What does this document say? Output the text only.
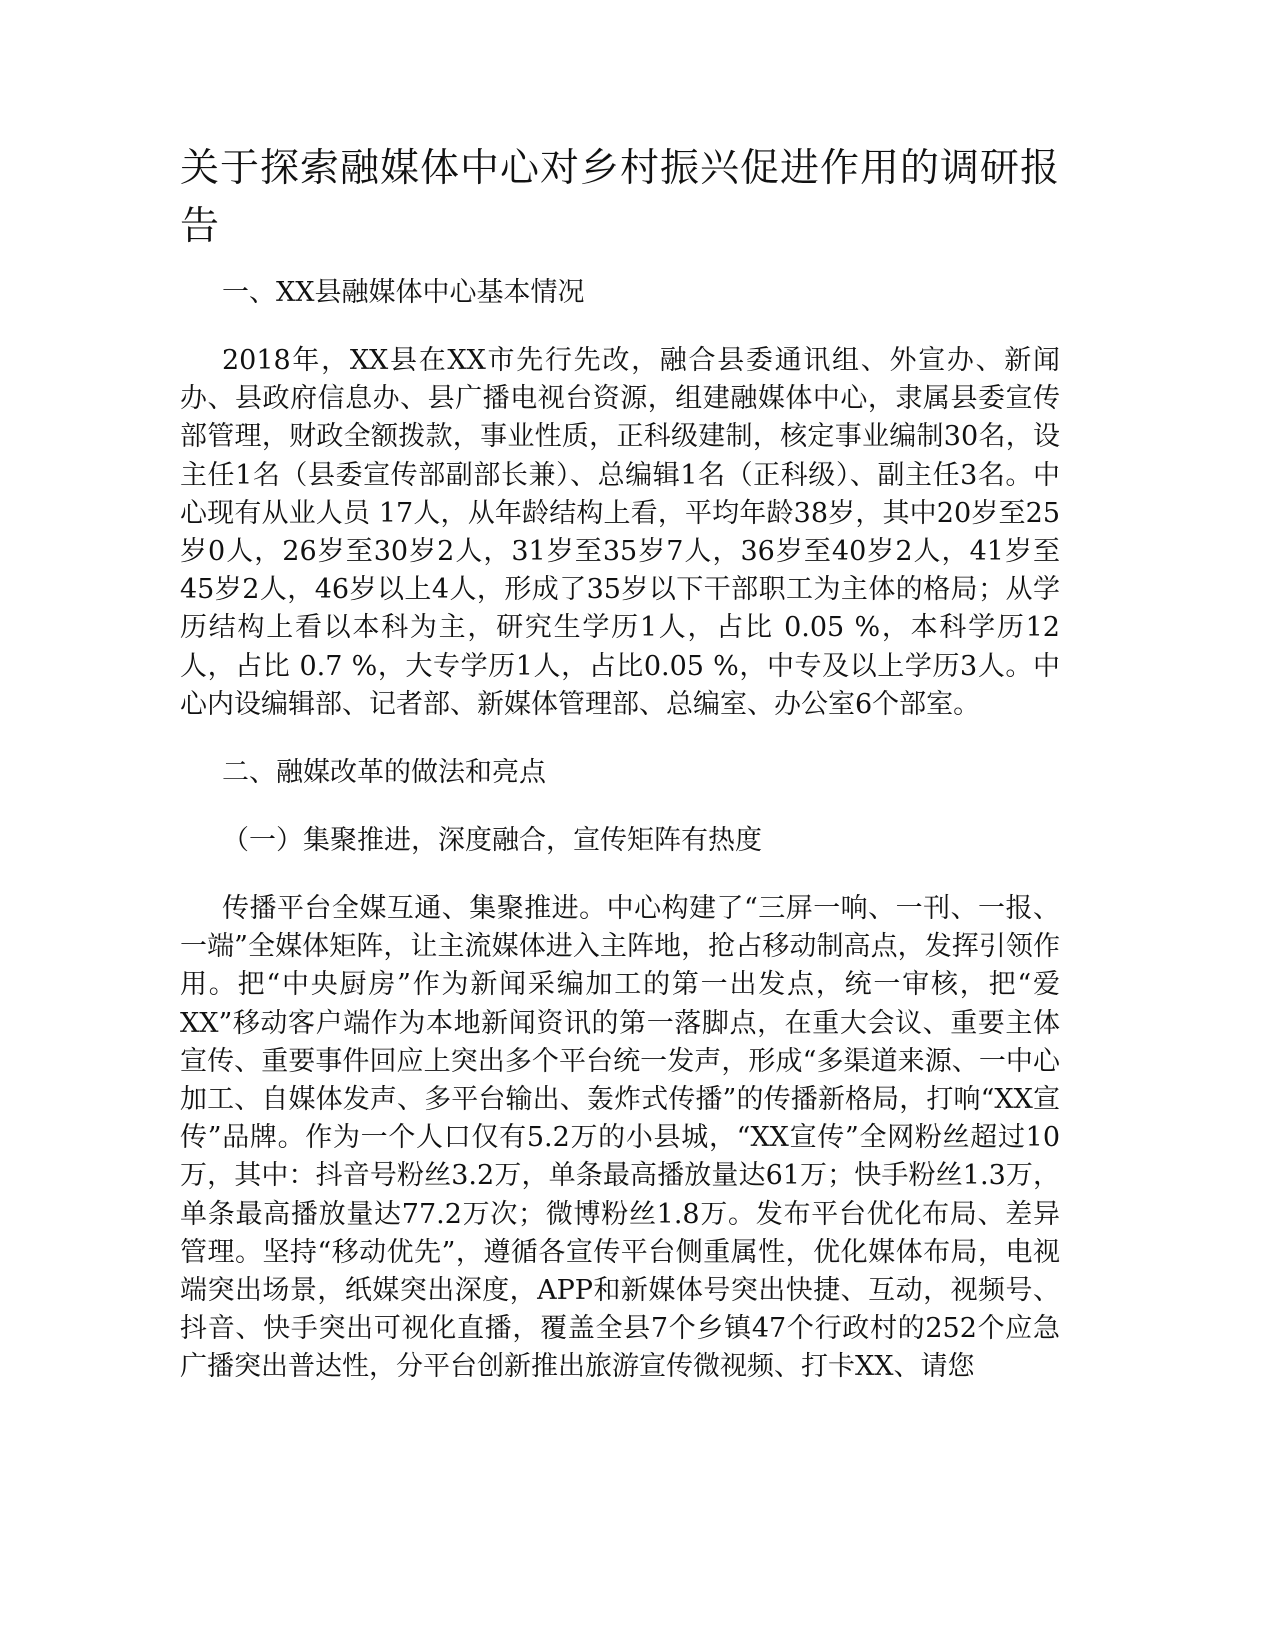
关于探索融媒体中心对乡村振兴促进作用的调研报告

一、XX县融媒体中心基本情况

2018年，XX县在XX市先行先改，融合县委通讯组、外宣办、新闻办、县政府信息办、县广播电视台资源，组建融媒体中心，隶属县委宣传部管理，财政全额拨款，事业性质，正科级建制，核定事业编制30名，设主任1名（县委宣传部副部长兼）、总编辑1名（正科级）、副主任3名。中心现有从业人员 17人，从年龄结构上看，平均年龄38岁，其中20岁至25岁0人，26岁至30岁2人，31岁至35岁7人，36岁至40岁2人，41岁至45岁2人，46岁以上4人，形成了35岁以下干部职工为主体的格局；从学历结构上看以本科为主，研究生学历1人，占比 0.05 %，本科学历12人，占比 0.7 %，大专学历1人，占比0.05 %，中专及以上学历3人。中心内设编辑部、记者部、新媒体管理部、总编室、办公室6个部室。

二、融媒改革的做法和亮点

（一）集聚推进，深度融合，宣传矩阵有热度

传播平台全媒互通、集聚推进。中心构建了“三屏一响、一刊、一报、一端”全媒体矩阵，让主流媒体进入主阵地，抢占移动制高点，发挥引领作用。把“中央厨房”作为新闻采编加工的第一出发点，统一审核，把“爱XX”移动客户端作为本地新闻资讯的第一落脚点，在重大会议、重要主体宣传、重要事件回应上突出多个平台统一发声，形成“多渠道来源、一中心加工、自媒体发声、多平台输出、轰炸式传播”的传播新格局，打响“XX宣传”品牌。作为一个人口仅有5.2万的小县城，“XX宣传”全网粉丝超过10万，其中：抖音号粉丝3.2万，单条最高播放量达61万；快手粉丝1.3万，单条最高播放量达77.2万次；微博粉丝1.8万。发布平台优化布局、差异管理。坚持“移动优先”，遵循各宣传平台侧重属性，优化媒体布局，电视端突出场景，纸媒突出深度，APP和新媒体号突出快捷、互动，视频号、抖音、快手突出可视化直播，覆盖全县7个乡镇47个行政村的252个应急广播突出普达性，分平台创新推出旅游宣传微视频、打卡XX、请您
